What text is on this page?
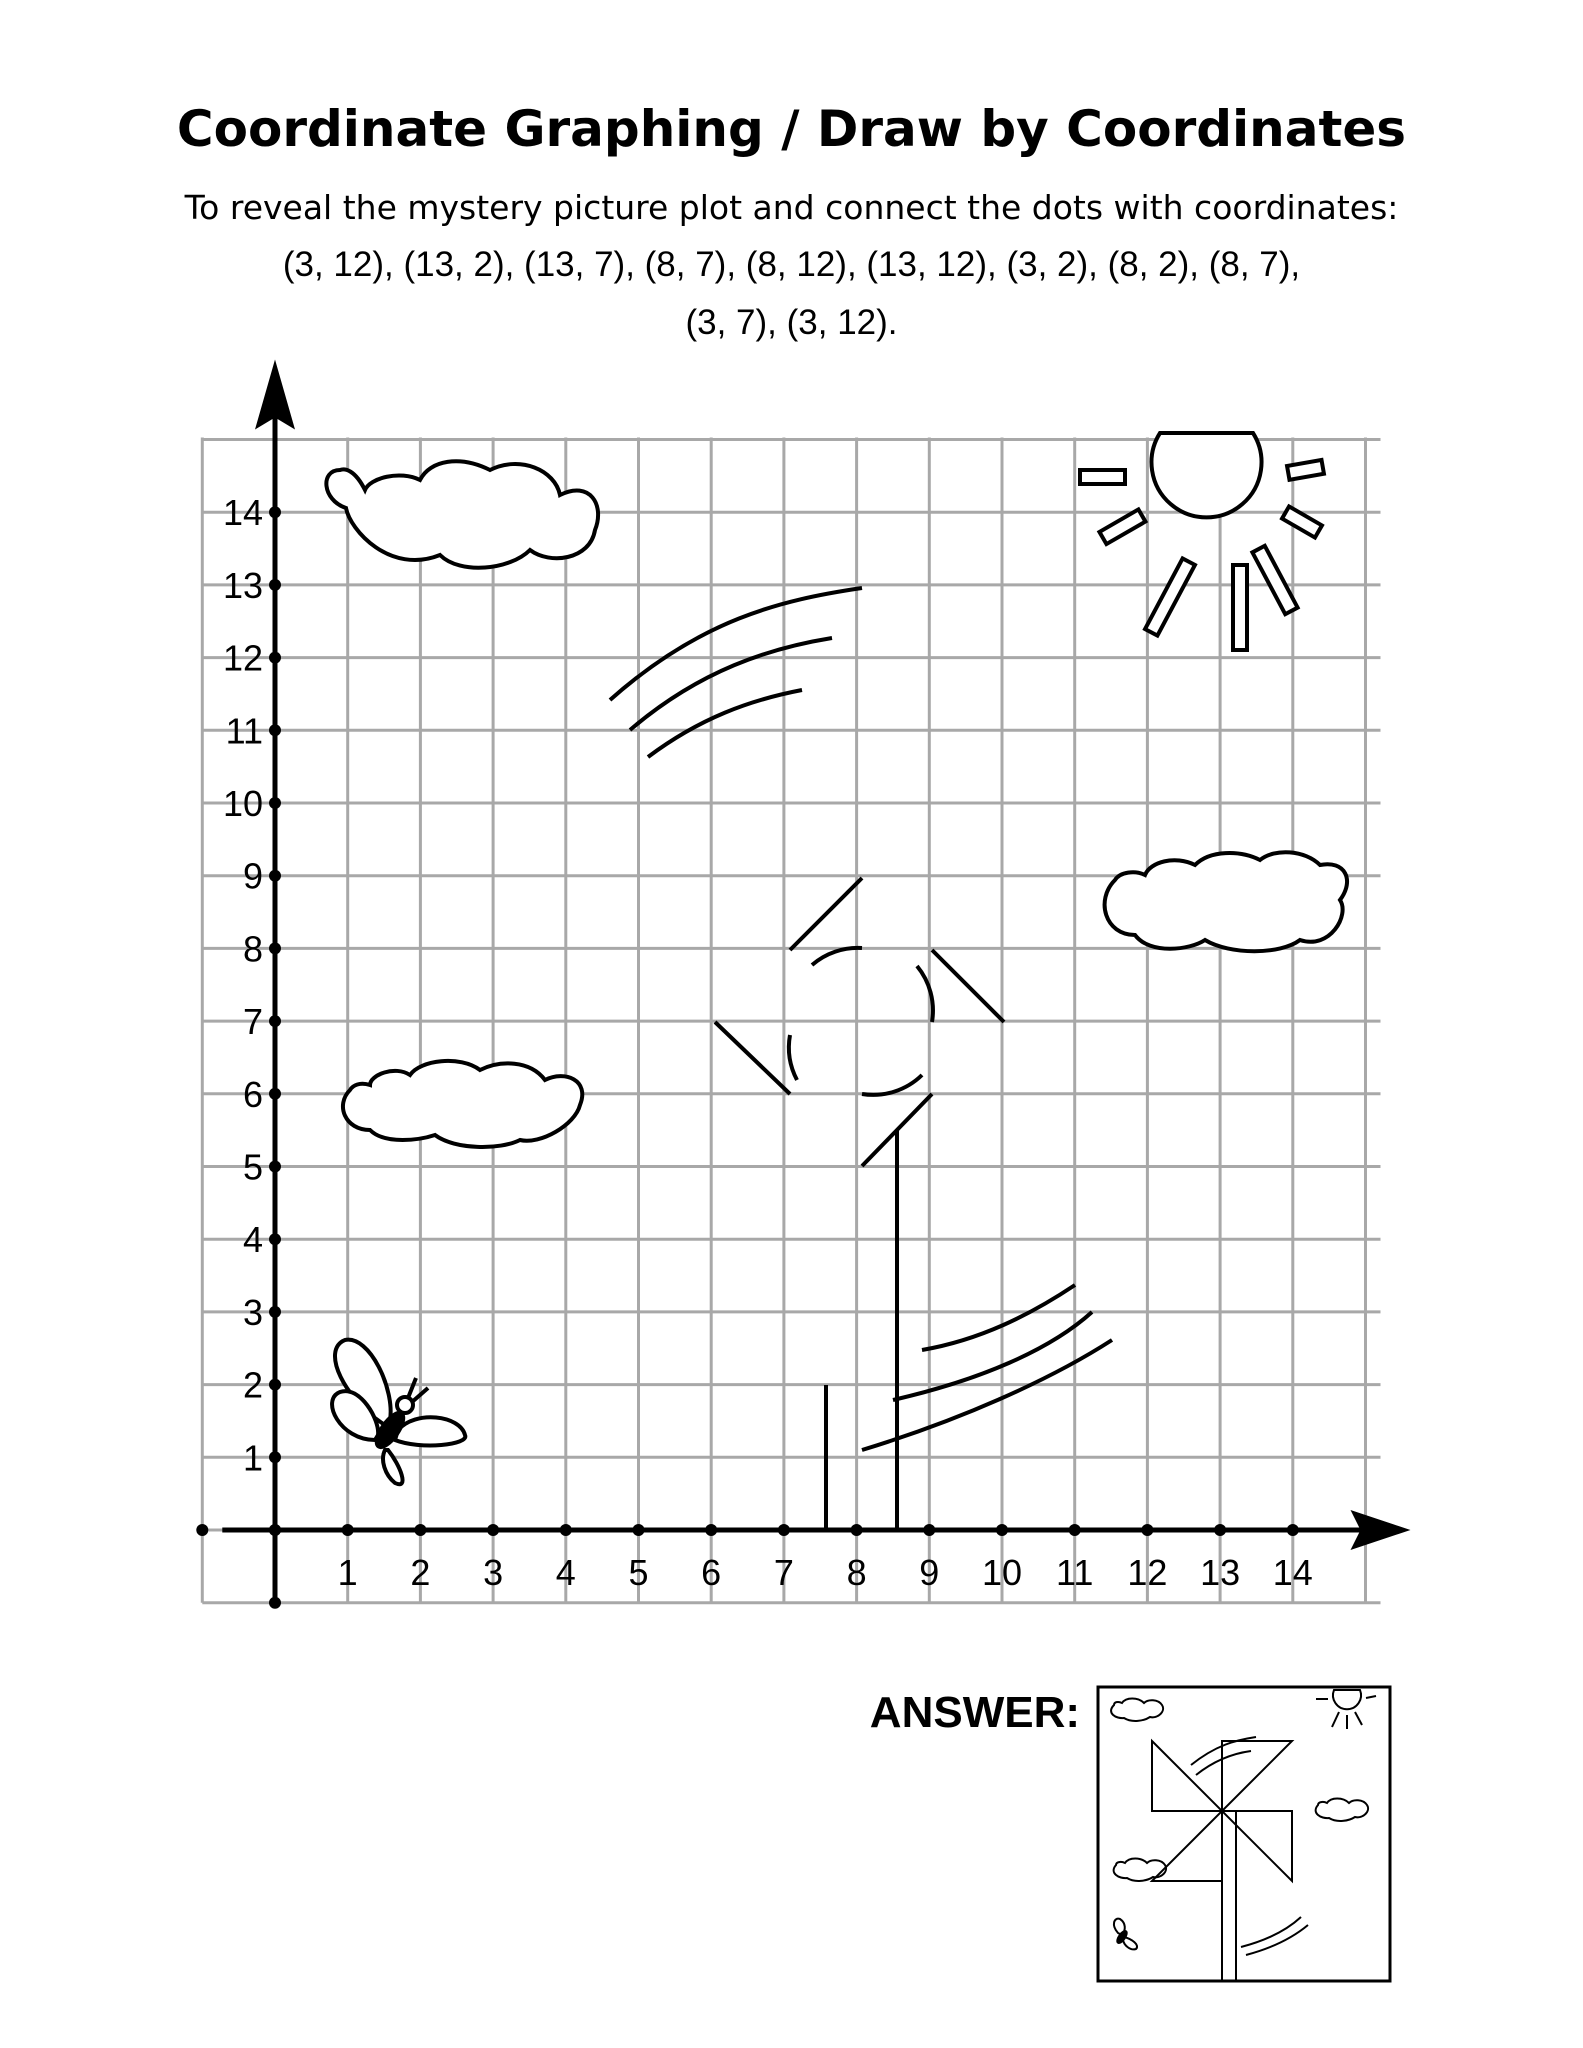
Coordinate Graphing / Draw by Coordinates
To reveal the mystery picture plot and connect the dots with coordinates:
(3, 12), (13, 2), (13, 7), (8, 7), (8, 12), (13, 12), (3, 2), (8, 2), (8, 7),
(3, 7), (3, 12).
1 2 3 4 5 6 7 8 9 10 11 12 13 14
1
2
3
4
5
6
7
8
9
10
11
12
13
14
ANSWER:
